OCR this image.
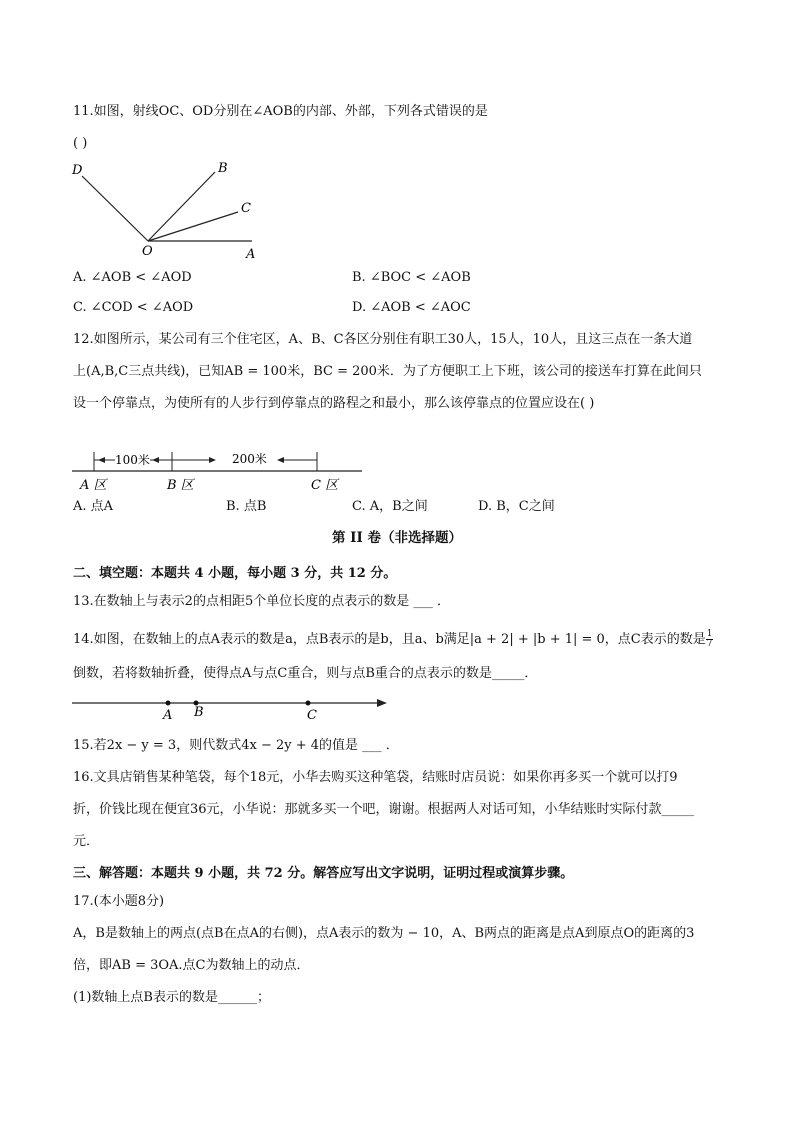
11.如图，射线OC、OD分别在∠AOB的内部、外部，下列各式错误的是
( )
D	B
C
O	A
A. ∠AOB < ∠AOD	B. ∠BOC < ∠AOB
C. ∠COD < ∠AOD	D. ∠AOB < ∠AOC
12.如图所示，某公司有三个住宅区，A、B、C各区分别住有职工30人，15人，10人，且这三点在一条大道
上(A,B,C三点共线)，已知AB = 100米，BC = 200米．为了方便职工上下班，该公司的接送车打算在此间只
设一个停靠点，为使所有的人步行到停靠点的路程之和最小，那么该停靠点的位置应设在( )
100米	200米
A 区	B 区	C 区
A. 点A	B. 点B	C. A，B之间	D. B，C之间
第 II 卷（非选择题）
二、填空题：本题共 4 小题，每小题 3 分，共 12 分。
13.在数轴上与表示2的点相距5个单位长度的点表示的数是 ___ ．
14.如图，在数轴上的点A表示的数是a，点B表示的是b，且a、b满足|a + 2| + |b + 1| = 0，点C表示的数是 $\frac{1}{7}$
倒数，若将数轴折叠，使得点A与点C重合，则与点B重合的点表示的数是_____．
A B	C
15.若2x − y = 3，则代数式4x − 2y + 4的值是 ___ ．
16.文具店销售某种笔袋，每个18元，小华去购买这种笔袋，结账时店员说：如果你再多买一个就可以打9
折，价钱比现在便宜36元，小华说：那就多买一个吧，谢谢。根据两人对话可知，小华结账时实际付款_____
元．
三、解答题：本题共 9 小题，共 72 分。解答应写出文字说明，证明过程或演算步骤。
17.(本小题8分)
A，B是数轴上的两点(点B在点A的右侧)，点A表示的数为 − 10，A、B两点的距离是点A到原点O的距离的3
倍，即AB = 3OA.点C为数轴上的动点．
(1)数轴上点B表示的数是______；
